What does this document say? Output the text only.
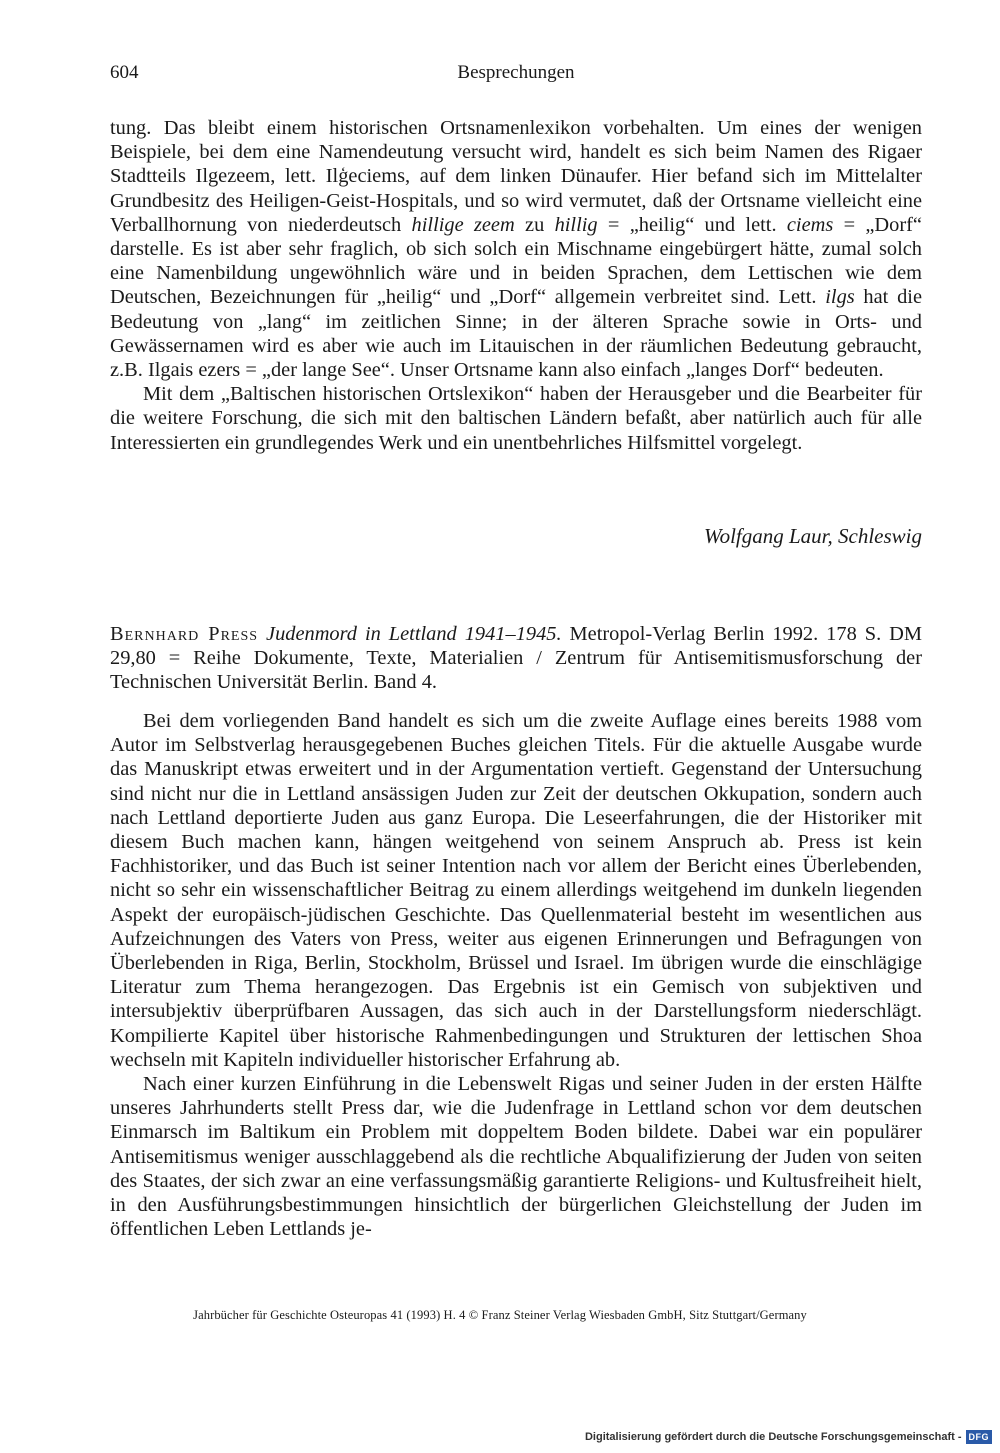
604	Besprechungen

tung. Das bleibt einem historischen Ortsnamenlexikon vorbehalten. Um eines der wenigen Beispiele, bei dem eine Namendeutung versucht wird, handelt es sich beim Namen des Rigaer Stadtteils Ilgezeem, lett. Ilģeciems, auf dem linken Dünaufer. Hier befand sich im Mittelalter Grundbesitz des Heiligen-Geist-Hospitals, und so wird vermutet, daß der Ortsname vielleicht eine Verballhornung von niederdeutsch hillige zeem zu hillig = „heilig“ und lett. ciems = „Dorf“ darstelle. Es ist aber sehr fraglich, ob sich solch ein Mischname eingebürgert hätte, zumal solch eine Namenbildung ungewöhnlich wäre und in beiden Sprachen, dem Lettischen wie dem Deutschen, Bezeichnungen für „heilig“ und „Dorf“ allgemein verbreitet sind. Lett. ilgs hat die Bedeutung von „lang“ im zeitlichen Sinne; in der älteren Sprache sowie in Orts- und Gewässernamen wird es aber wie auch im Litauischen in der räumlichen Bedeutung gebraucht, z.B. Ilgais ezers = „der lange See“. Unser Ortsname kann also einfach „langes Dorf“ bedeuten.

Mit dem „Baltischen historischen Ortslexikon“ haben der Herausgeber und die Bearbeiter für die weitere Forschung, die sich mit den baltischen Ländern befaßt, aber natürlich auch für alle Interessierten ein grundlegendes Werk und ein unentbehrliches Hilfsmittel vorgelegt.

Wolfgang Laur, Schleswig
Bernhard Press Judenmord in Lettland 1941–1945. Metropol-Verlag Berlin 1992. 178 S. DM 29,80 = Reihe Dokumente, Texte, Materialien / Zentrum für Antisemitismusforschung der Technischen Universität Berlin. Band 4.

Bei dem vorliegenden Band handelt es sich um die zweite Auflage eines bereits 1988 vom Autor im Selbstverlag herausgegebenen Buches gleichen Titels. Für die aktuelle Ausgabe wurde das Manuskript etwas erweitert und in der Argumentation vertieft. Gegenstand der Untersuchung sind nicht nur die in Lettland ansässigen Juden zur Zeit der deutschen Okkupation, sondern auch nach Lettland deportierte Juden aus ganz Europa. Die Leseerfahrungen, die der Historiker mit diesem Buch machen kann, hängen weitgehend von seinem Anspruch ab. Press ist kein Fachhistoriker, und das Buch ist seiner Intention nach vor allem der Bericht eines Überlebenden, nicht so sehr ein wissenschaftlicher Beitrag zu einem allerdings weitgehend im dunkeln liegenden Aspekt der europäisch-jüdischen Geschichte. Das Quellenmaterial besteht im wesentlichen aus Aufzeichnungen des Vaters von Press, weiter aus eigenen Erinnerungen und Befragungen von Überlebenden in Riga, Berlin, Stockholm, Brüssel und Israel. Im übrigen wurde die einschlägige Literatur zum Thema herangezogen. Das Ergebnis ist ein Gemisch von subjektiven und intersubjektiv überprüfbaren Aussagen, das sich auch in der Darstellungsform niederschlägt. Kompilierte Kapitel über historische Rahmenbedingungen und Strukturen der lettischen Shoa wechseln mit Kapiteln individueller historischer Erfahrung ab.

Nach einer kurzen Einführung in die Lebenswelt Rigas und seiner Juden in der ersten Hälfte unseres Jahrhunderts stellt Press dar, wie die Judenfrage in Lettland schon vor dem deutschen Einmarsch im Baltikum ein Problem mit doppeltem Boden bildete. Dabei war ein populärer Antisemitismus weniger ausschlaggebend als die rechtliche Abqualifizierung der Juden von seiten des Staates, der sich zwar an eine verfassungsmäßig garantierte Religions- und Kultusfreiheit hielt, in den Ausführungsbestimmungen hinsichtlich der bürgerlichen Gleichstellung der Juden im öffentlichen Leben Lettlands je-

Jahrbücher für Geschichte Osteuropas 41 (1993) H. 4 © Franz Steiner Verlag Wiesbaden GmbH, Sitz Stuttgart/Germany
Digitalisierung gefördert durch die Deutsche Forschungsgemeinschaft - DFG
